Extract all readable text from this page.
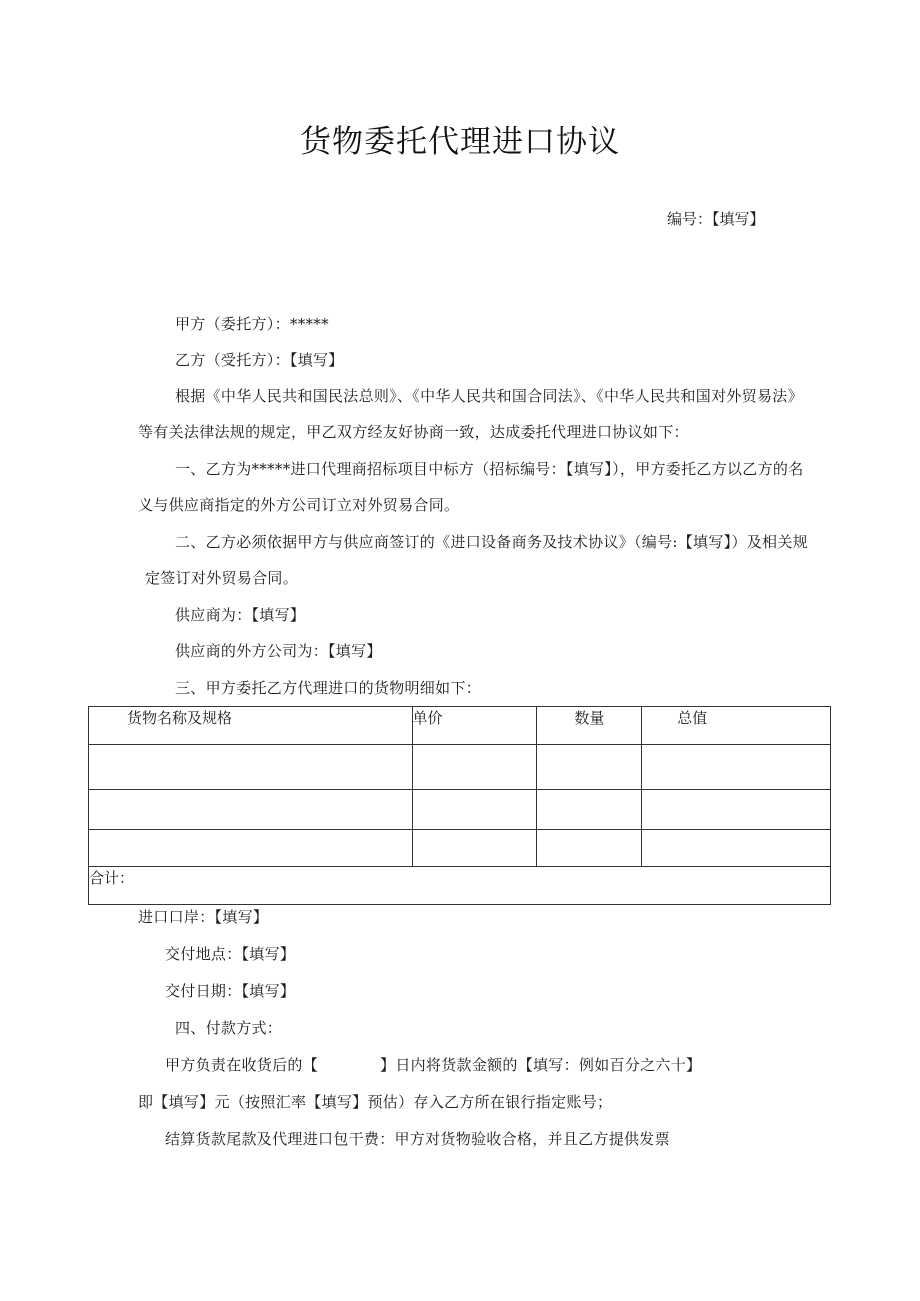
货物委托代理进口协议
编号：【填写】
甲方（委托方）：*****
乙方（受托方）：【填写】
根据《中华人民共和国民法总则》、《中华人民共和国合同法》、《中华人民共和国对外贸易法》
等有关法律法规的规定，甲乙双方经友好协商一致，达成委托代理进口协议如下：
一、乙方为*****进口代理商招标项目中标方（招标编号：【填写】），甲方委托乙方以乙方的名
义与供应商指定的外方公司订立对外贸易合同。
二、乙方必须依据甲方与供应商签订的《进口设备商务及技术协议》（编号:【填写】）及相关规
定签订对外贸易合同。
供应商为：【填写】
供应商的外方公司为：【填写】
三、甲方委托乙方代理进口的货物明细如下：
货物名称及规格	单价	数量	总值

合计：			
进口口岸：【填写】
交付地点：【填写】
交付日期：【填写】
四、付款方式：
甲方负责在收货后的【	】日内将货款金额的【填写：例如百分之六十】
即【填写】元（按照汇率【填写】预估）存入乙方所在银行指定账号；
结算货款尾款及代理进口包干费：甲方对货物验收合格，并且乙方提供发票
